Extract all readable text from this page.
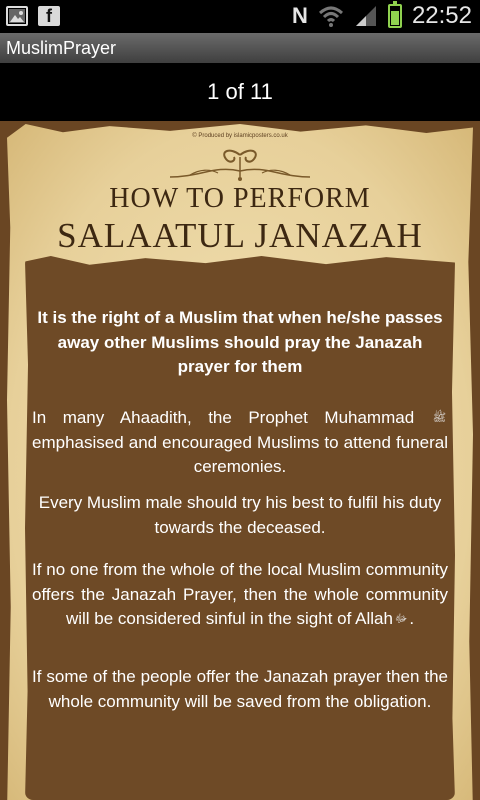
f	N	22:52
MuslimPrayer
1 of 11
© Produced by islamicposters.co.uk
HOW TO PERFORM
SALAATUL JANAZAH
It is the right of a Muslim that when he/she passes away other Muslims should pray the Janazah prayer for them
In many Ahaadith, the Prophet Muhammad ﷺemphasised and encouraged Muslims to attend funeral ceremonies.
Every Muslim male should try his best to fulfil his duty towards the deceased.
If no one from the whole of the local Muslim community offers the Janazah Prayer, then the whole community will be considered sinful in the sight of Allah ﷻ .
If some of the people offer the Janazah prayer then the whole community will be saved from the obligation.
